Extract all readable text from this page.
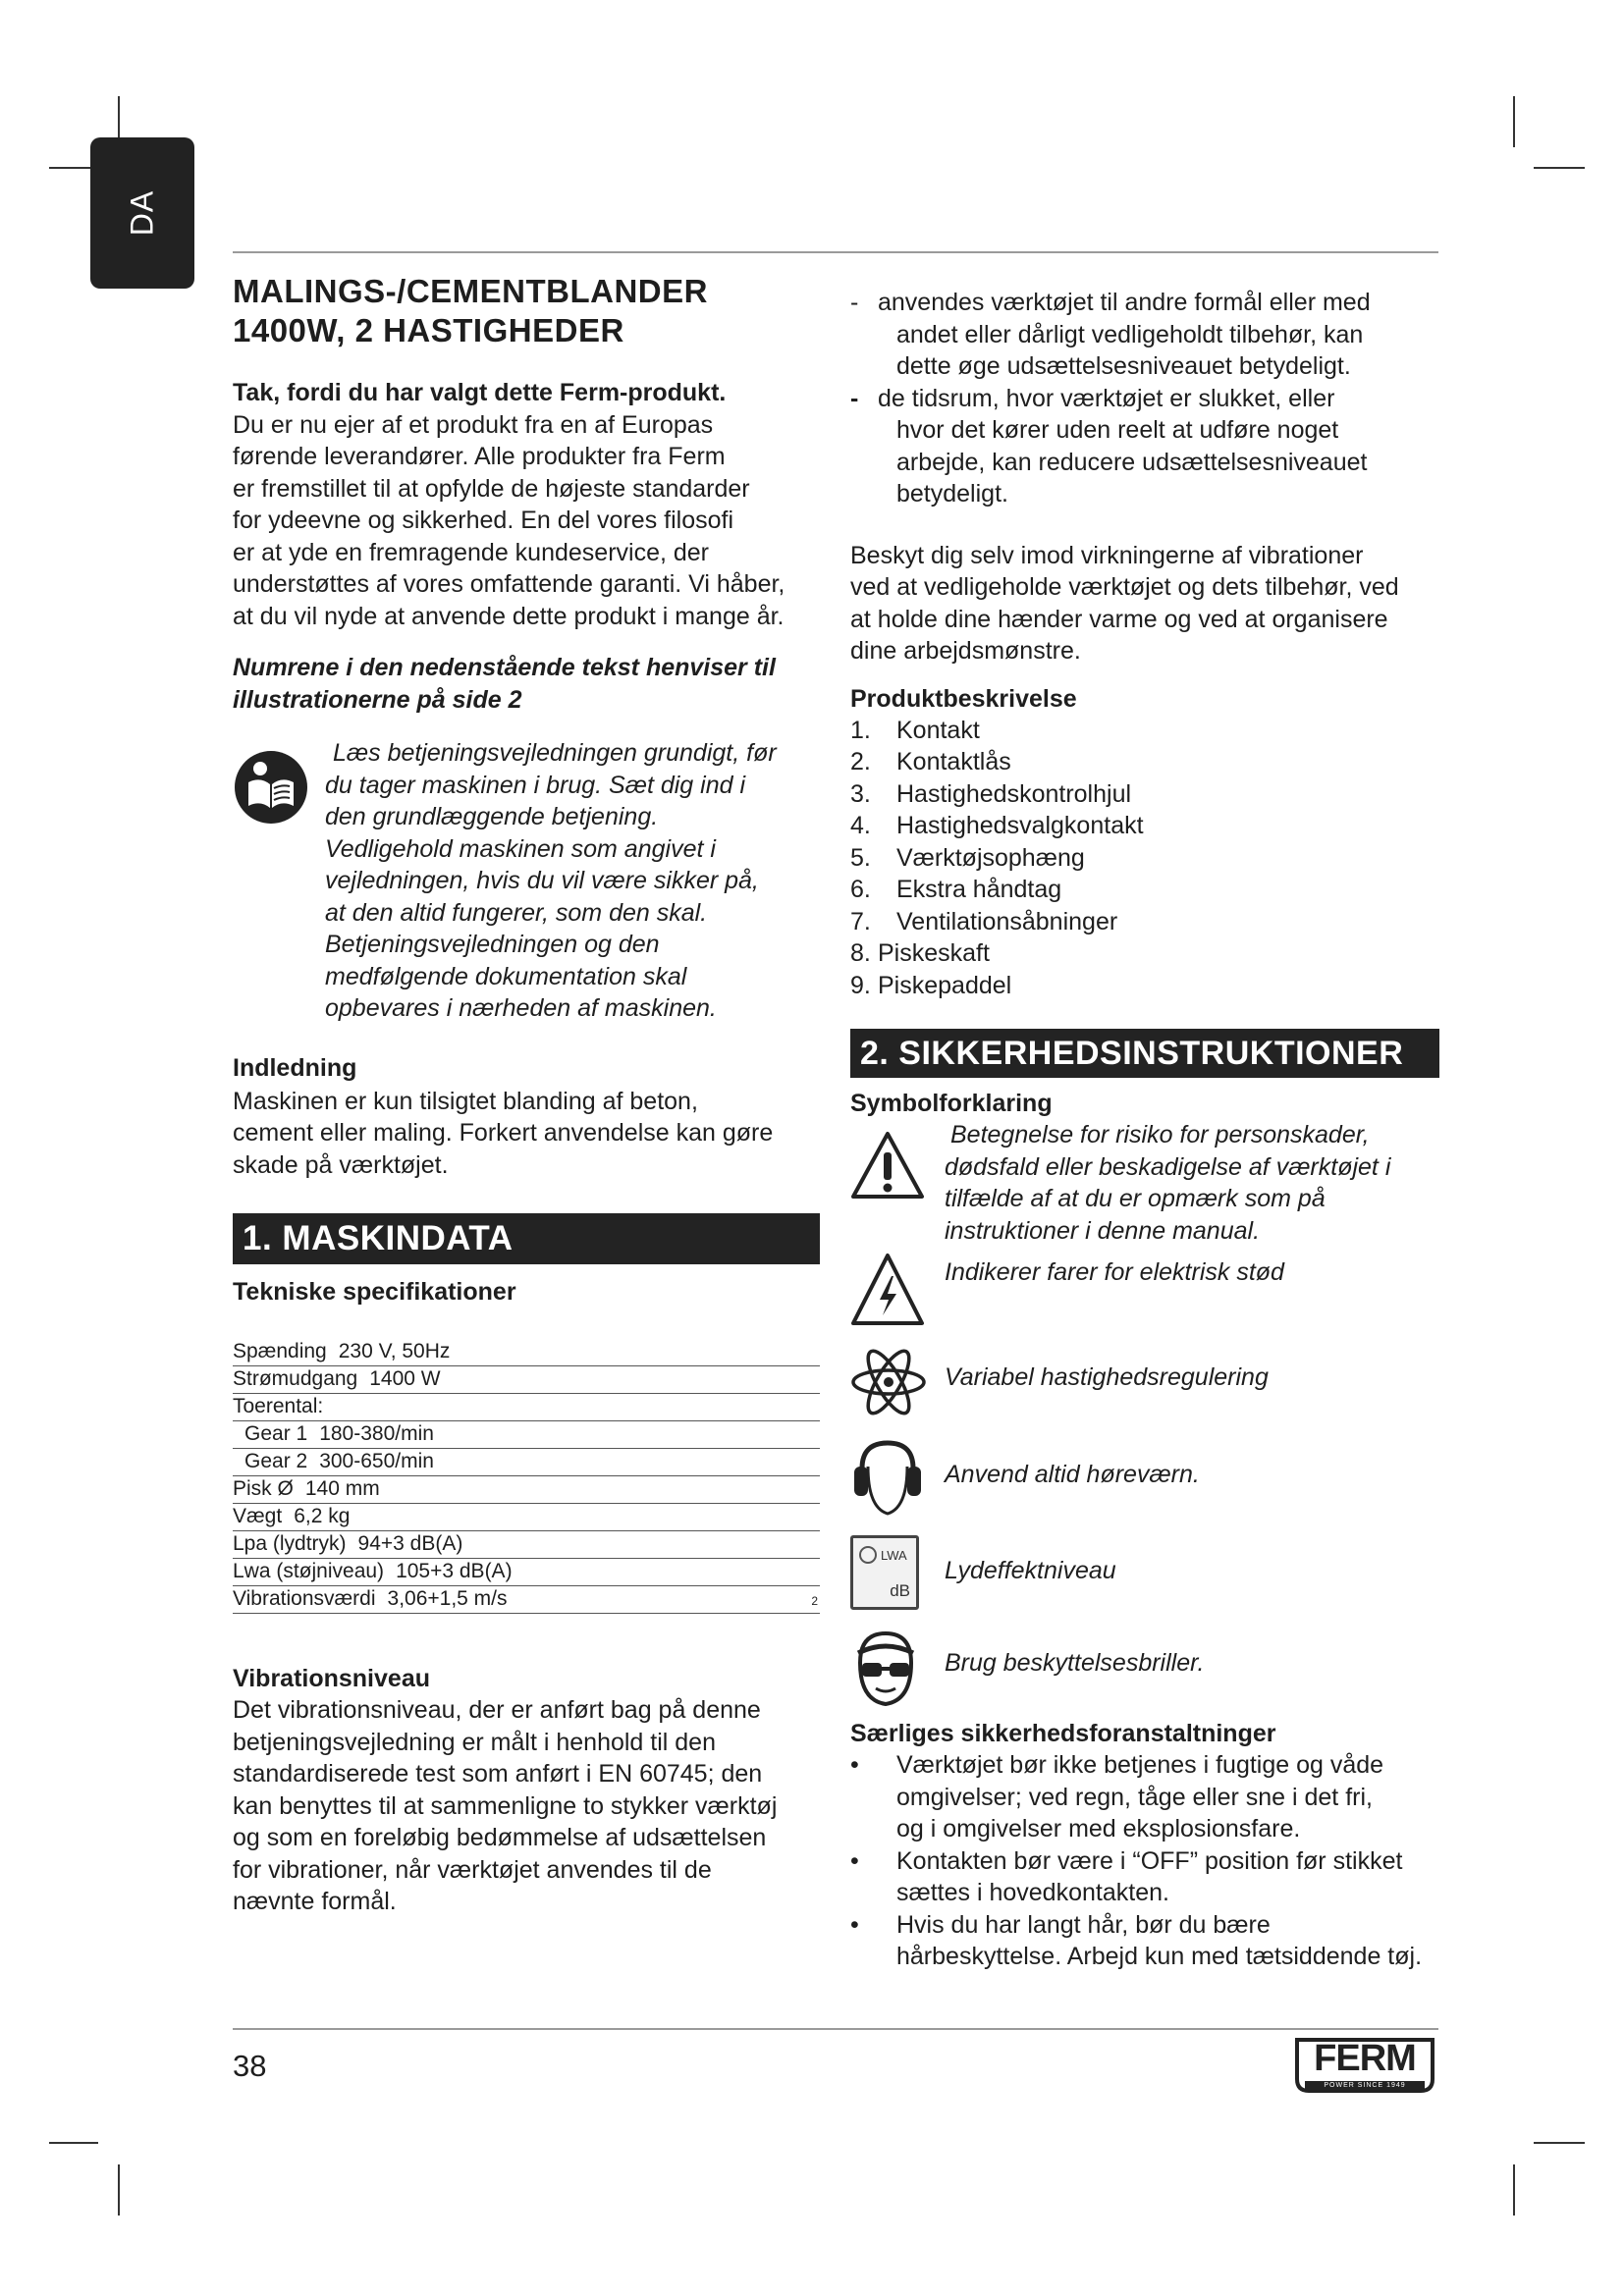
DA
MALINGS-/CEMENTBLANDER
1400W, 2 HASTIGHEDER

Tak, fordi du har valgt dette Ferm-produkt.

Du er nu ejer af et produkt fra en af Europas

førende leverandører. Alle produkter fra Ferm

er fremstillet til at opfylde de højeste standarder

for ydeevne og sikkerhed. En del vores filosofi

er at yde en fremragende kundeservice, der

understøttes af vores omfattende garanti. Vi håber,

at du vil nyde at anvende dette produkt i mange år.

Numrene i den nedenstående tekst henviser til

illustrationerne på side 2

Læs betjeningsvejledningen grundigt, før

du tager maskinen i brug. Sæt dig ind i

den grundlæggende betjening.

Vedligehold maskinen som angivet i

vejledningen, hvis du vil være sikker på,

at den altid fungerer, som den skal.

Betjeningsvejledningen og den

medfølgende dokumentation skal

opbevares i nærheden af maskinen.

Indledning

Maskinen er kun tilsigtet blanding af beton,

cement eller maling. Forkert anvendelse kan gøre

skade på værktøjet.

1. MASKINDATA

Tekniske specifikationer

Spænding 230 V, 50Hz
Strømudgang 1400 W
Toerental:
Gear 1 180-380/min
Gear 2 300-650/min
Pisk Ø 140 mm
Vægt 6,2 kg
Lpa (lydtryk) 94+3 dB(A)
Lwa (støjniveau) 105+3 dB(A)
Vibrationsværdi 3,06+1,5 m/s	2

Vibrationsniveau

Det vibrationsniveau, der er anført bag på denne

betjeningsvejledning er målt i henhold til den

standardiserede test som anført i EN 60745; den

kan benyttes til at sammenligne to stykker værktøj

og som en foreløbig bedømmelse af udsættelsen

for vibrationer, når værktøjet anvendes til de

nævnte formål.

- anvendes værktøjet til andre formål eller med
andet eller dårligt vedligeholdt tilbehør, kan
dette øge udsættelsesniveauet betydeligt.
- de tidsrum, hvor værktøjet er slukket, eller
hvor det kører uden reelt at udføre noget
arbejde, kan reducere udsættelsesniveauet
betydeligt.

Beskyt dig selv imod virkningerne af vibrationer

ved at vedligeholde værktøjet og dets tilbehør, ved

at holde dine hænder varme og ved at organisere

dine arbejdsmønstre.

Produktbeskrivelse

1. Kontakt
2. Kontaktlås
3. Hastighedskontrolhjul
4. Hastighedsvalgkontakt
5. Værktøjsophæng
6. Ekstra håndtag
7. Ventilationsåbninger
8. Piskeskaft
9. Piskepaddel
2. SIKKERHEDSINSTRUKTIONER

Symbolforklaring

Betegnelse for risiko for personskader,
dødsfald eller beskadigelse af værktøjet i
tilfælde af at du er opmærk som på
instruktioner i denne manual.
Indikerer farer for elektrisk stød
Variabel hastighedsregulering
Anvend altid høreværn.
LWA
dB
Lydeffektniveau
Brug beskyttelsesbriller.

Særliges sikkerhedsforanstaltninger

• Værktøjet bør ikke betjenes i fugtige og våde
omgivelser; ved regn, tåge eller sne i det fri,
og i omgivelser med eksplosionsfare.
• Kontakten bør være i “OFF” position før stikket
sættes i hovedkontakten.
• Hvis du har langt hår, bør du bære
hårbeskyttelse. Arbejd kun med tætsiddende tøj.
38	FERM
POWER SINCE 1949
